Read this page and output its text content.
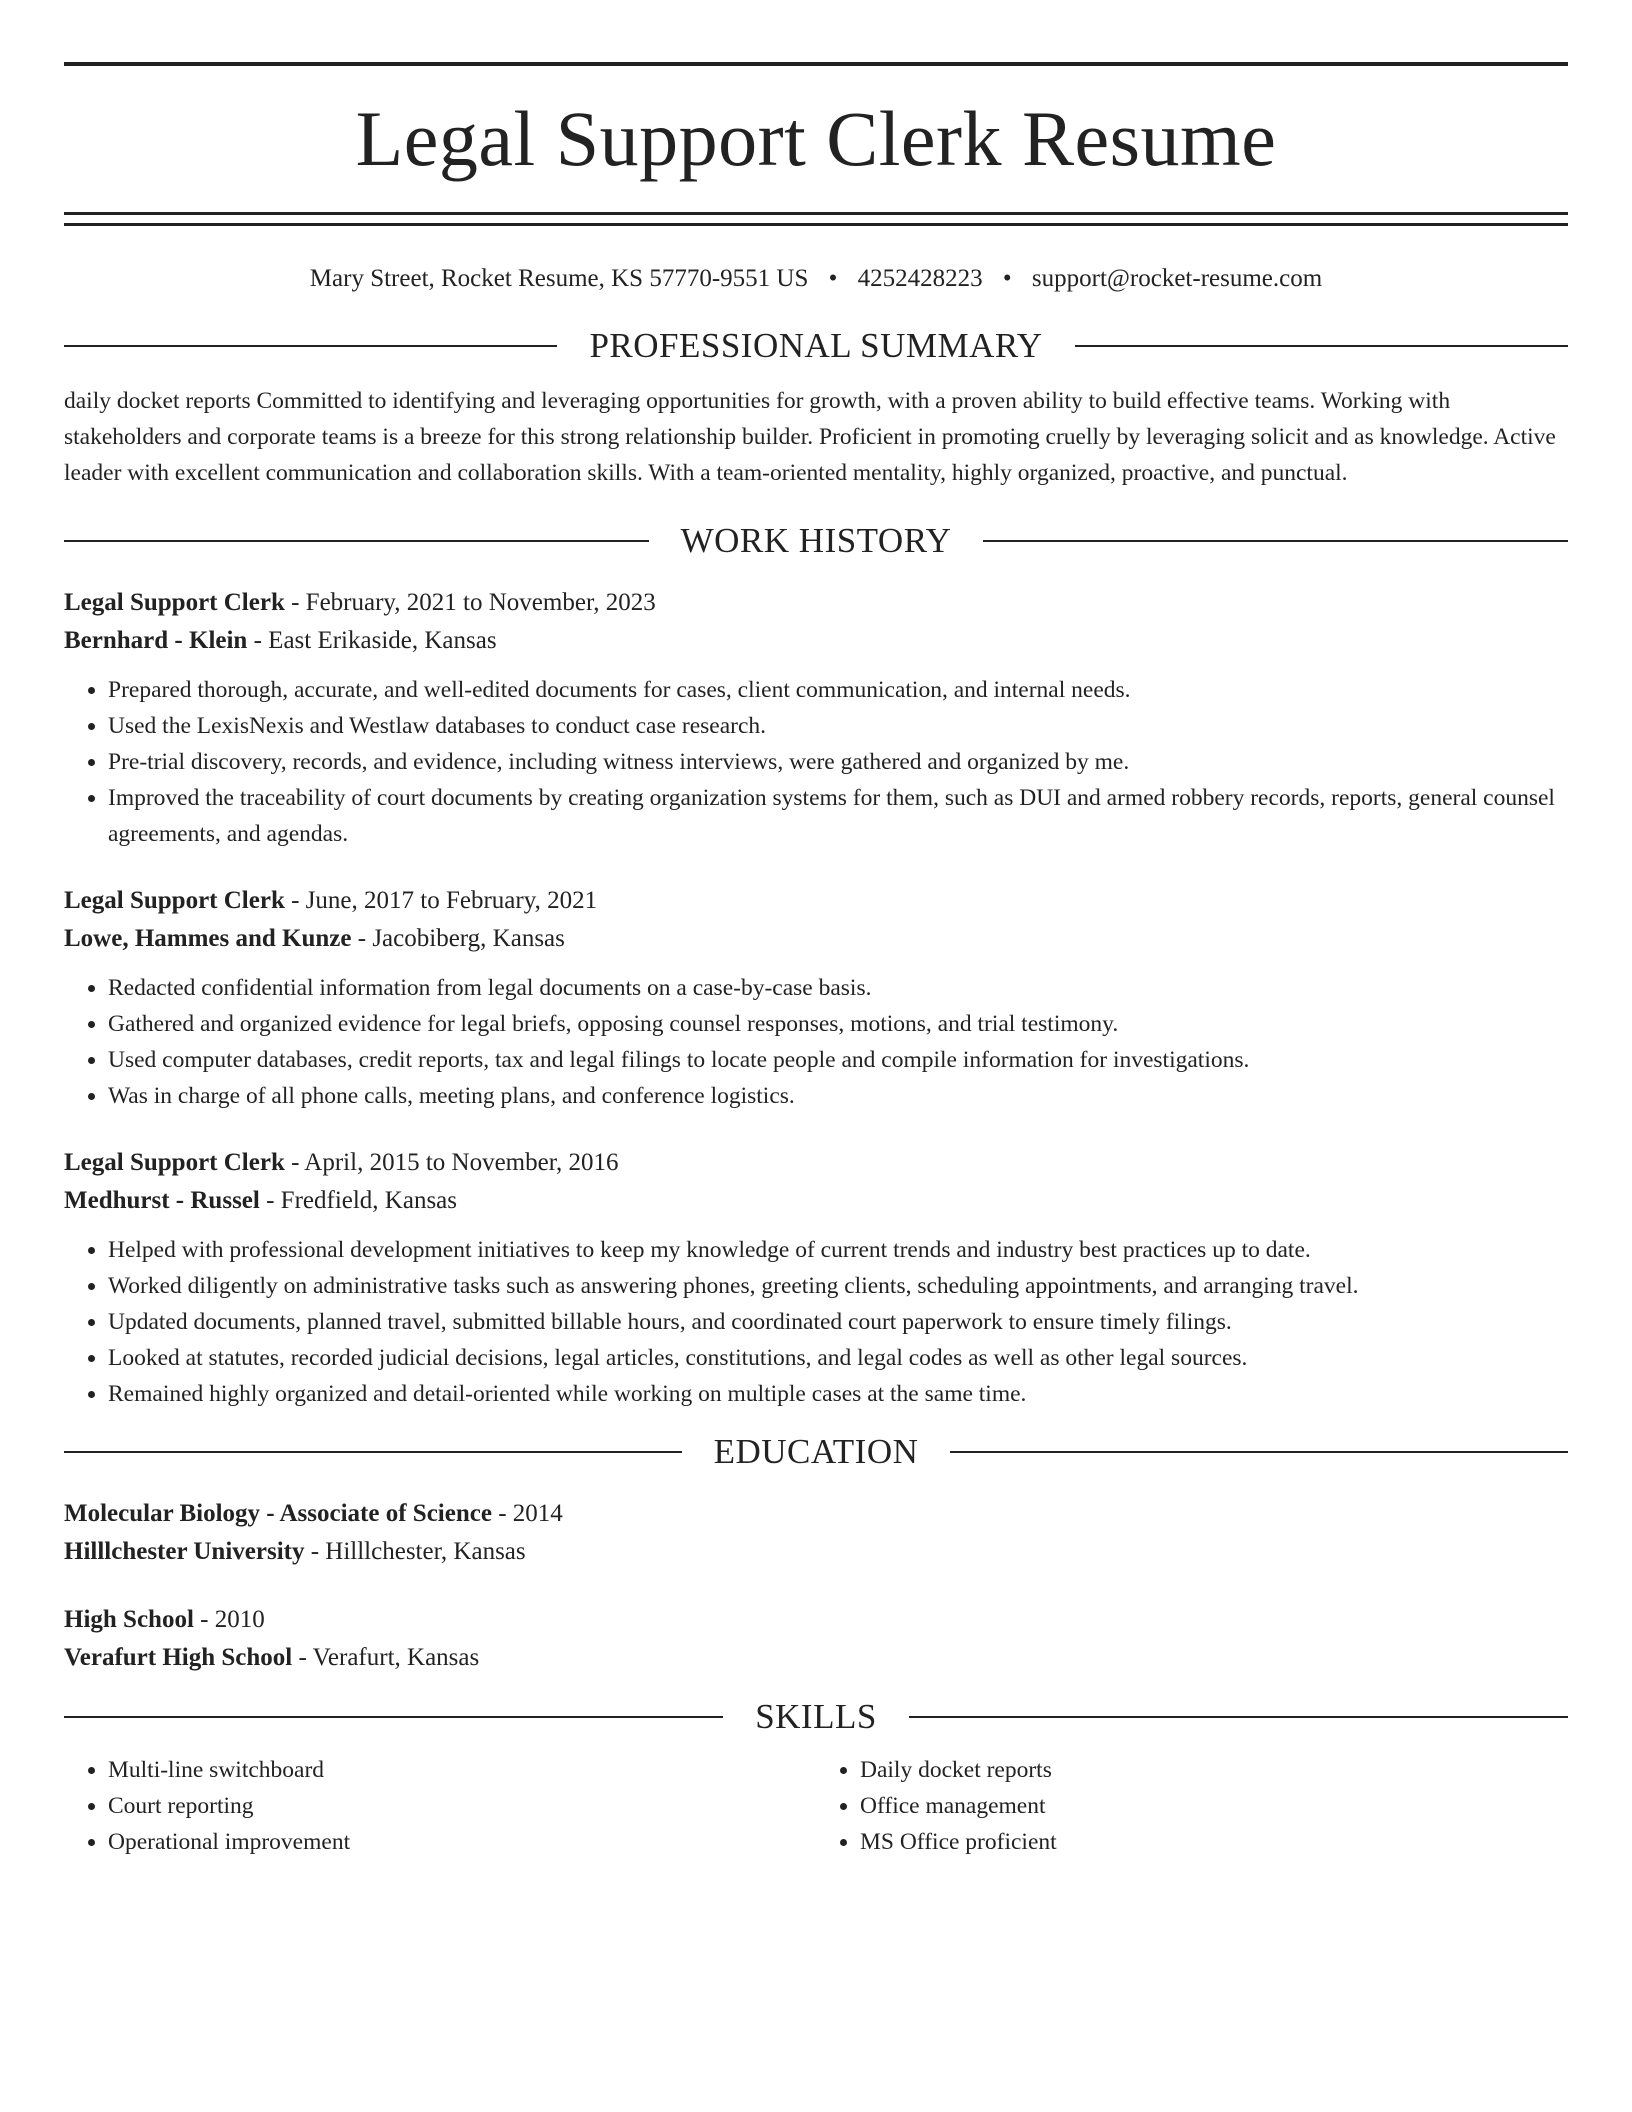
Legal Support Clerk Resume
Mary Street, Rocket Resume, KS 57770-9551 US • 4252428223 • support@rocket-resume.com
PROFESSIONAL SUMMARY

daily docket reports Committed to identifying and leveraging opportunities for growth, with a proven ability to build effective teams. Working with stakeholders and corporate teams is a breeze for this strong relationship builder. Proficient in promoting cruelly by leveraging solicit and as knowledge. Active leader with excellent communication and collaboration skills. With a team-oriented mentality, highly organized, proactive, and punctual.

WORK HISTORY
Legal Support Clerk - February, 2021 to November, 2023
Bernhard - Klein - East Erikaside, Kansas
• Prepared thorough, accurate, and well-edited documents for cases, client communication, and internal needs.
• Used the LexisNexis and Westlaw databases to conduct case research.
• Pre-trial discovery, records, and evidence, including witness interviews, were gathered and organized by me.
• Improved the traceability of court documents by creating organization systems for them, such as DUI and armed robbery records, reports, general counsel agreements, and agendas.
Legal Support Clerk - June, 2017 to February, 2021
Lowe, Hammes and Kunze - Jacobiberg, Kansas
• Redacted confidential information from legal documents on a case-by-case basis.
• Gathered and organized evidence for legal briefs, opposing counsel responses, motions, and trial testimony.
• Used computer databases, credit reports, tax and legal filings to locate people and compile information for investigations.
• Was in charge of all phone calls, meeting plans, and conference logistics.
Legal Support Clerk - April, 2015 to November, 2016
Medhurst - Russel - Fredfield, Kansas
• Helped with professional development initiatives to keep my knowledge of current trends and industry best practices up to date.
• Worked diligently on administrative tasks such as answering phones, greeting clients, scheduling appointments, and arranging travel.
• Updated documents, planned travel, submitted billable hours, and coordinated court paperwork to ensure timely filings.
• Looked at statutes, recorded judicial decisions, legal articles, constitutions, and legal codes as well as other legal sources.
• Remained highly organized and detail-oriented while working on multiple cases at the same time.
EDUCATION
Molecular Biology - Associate of Science - 2014
Hilllchester University - Hilllchester, Kansas
High School - 2010
Verafurt High School - Verafurt, Kansas
SKILLS
• Multi-line switchboard
• Court reporting
• Operational improvement
• Daily docket reports
• Office management
• MS Office proficient
